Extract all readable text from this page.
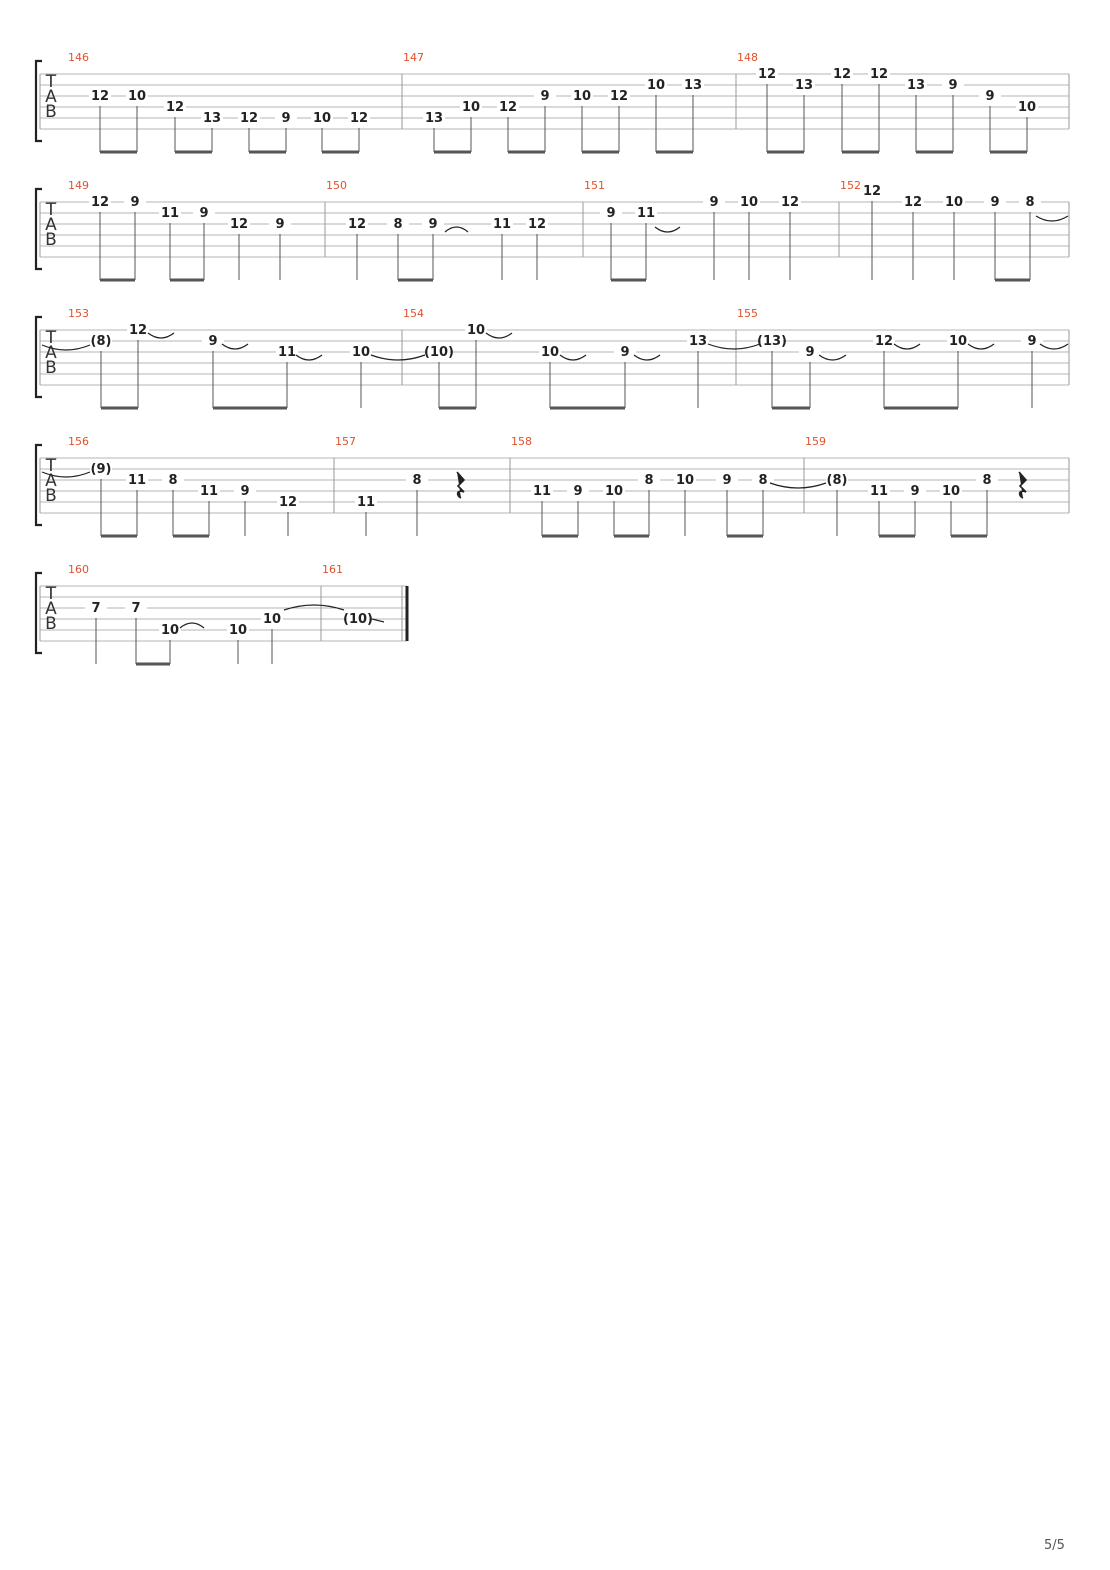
T
A
B
146
12 10
12
13 12 9 10 12
147
13
10 12
9 10 12
10 13
148
12
13
12 12
13 9
9
10
T
A
B
149
12 9
11 9
12 9
150
12 8 9	11 12
151
9 11
9 10 12
152 12
12 10 9 8
T
A
B
153
(8)
12
9
11	10
154
(10)
10
10	9
13
155
(13)
9
12	10	9
T
A
B
156
(9)
11 8
11 9
12
157
11
8
158
11 9 10
8 10 9 8
159
(8)
11 9 10
8
T
A
B
160
7 7
10	10
10
161
(10)
5/5
